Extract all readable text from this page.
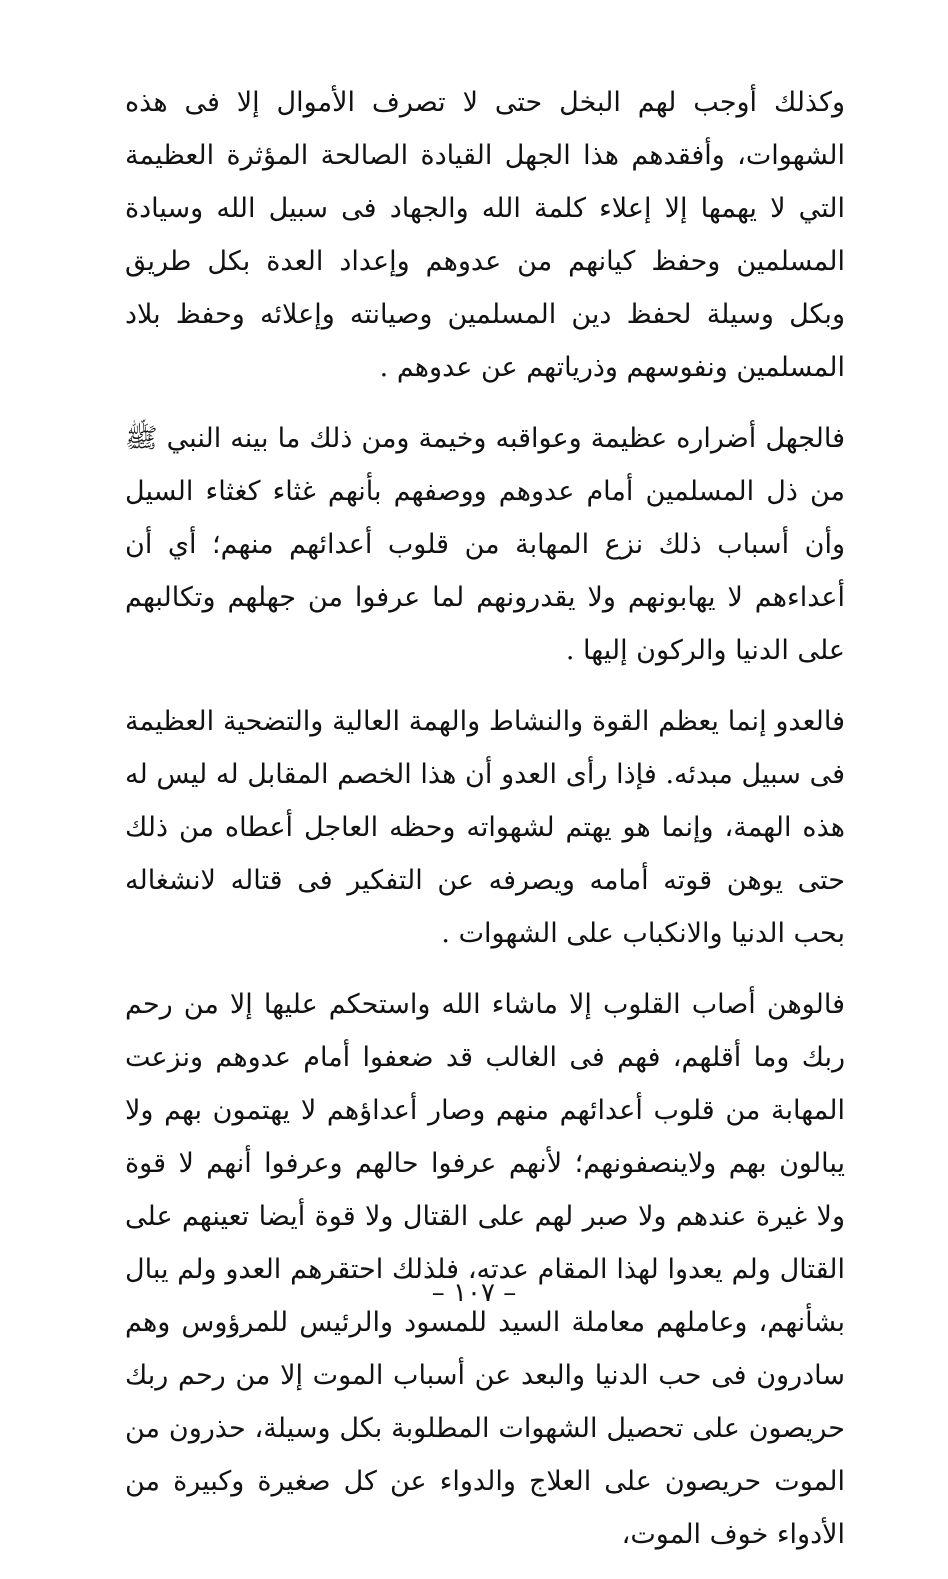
وكذلك أوجب لهم البخل حتى لا تصرف الأموال إلا فى هذه الشهوات، وأفقدهم هذا الجهل القيادة الصالحة المؤثرة العظيمة التي لا يهمها إلا إعلاء كلمة الله والجهاد فى سبيل الله وسيادة المسلمين وحفظ كيانهم من عدوهم وإعداد العدة بكل طريق وبكل وسيلة لحفظ دين المسلمين وصيانته وإعلائه وحفظ بلاد المسلمين ونفوسهم وذرياتهم عن عدوهم .

فالجهل أضراره عظيمة وعواقبه وخيمة ومن ذلك ما بينه النبي ﷺ من ذل المسلمين أمام عدوهم ووصفهم بأنهم غثاء كغثاء السيل وأن أسباب ذلك نزع المهابة من قلوب أعدائهم منهم؛ أي أن أعداءهم لا يهابونهم ولا يقدرونهم لما عرفوا من جهلهم وتكالبهم على الدنيا والركون إليها .

فالعدو إنما يعظم القوة والنشاط والهمة العالية والتضحية العظيمة فى سبيل مبدئه. فإذا رأى العدو أن هذا الخصم المقابل له ليس له هذه الهمة، وإنما هو يهتم لشهواته وحظه العاجل أعطاه من ذلك حتى يوهن قوته أمامه ويصرفه عن التفكير فى قتاله لانشغاله بحب الدنيا والانكباب على الشهوات .

فالوهن أصاب القلوب إلا ماشاء الله واستحكم عليها إلا من رحم ربك وما أقلهم، فهم فى الغالب قد ضعفوا أمام عدوهم ونزعت المهابة من قلوب أعدائهم منهم وصار أعداؤهم لا يهتمون بهم ولا يبالون بهم ولاينصفونهم؛ لأنهم عرفوا حالهم وعرفوا أنهم لا قوة ولا غيرة عندهم ولا صبر لهم على القتال ولا قوة أيضا تعينهم على القتال ولم يعدوا لهذا المقام عدته، فلذلك احتقرهم العدو ولم يبال بشأنهم، وعاملهم معاملة السيد للمسود والرئيس للمرؤوس وهم سادرون فى حب الدنيا والبعد عن أسباب الموت إلا من رحم ربك حريصون على تحصيل الشهوات المطلوبة بكل وسيلة، حذرون من الموت حريصون على العلاج والدواء عن كل صغيرة وكبيرة من الأدواء خوف الموت،

– ١٠٧ –
